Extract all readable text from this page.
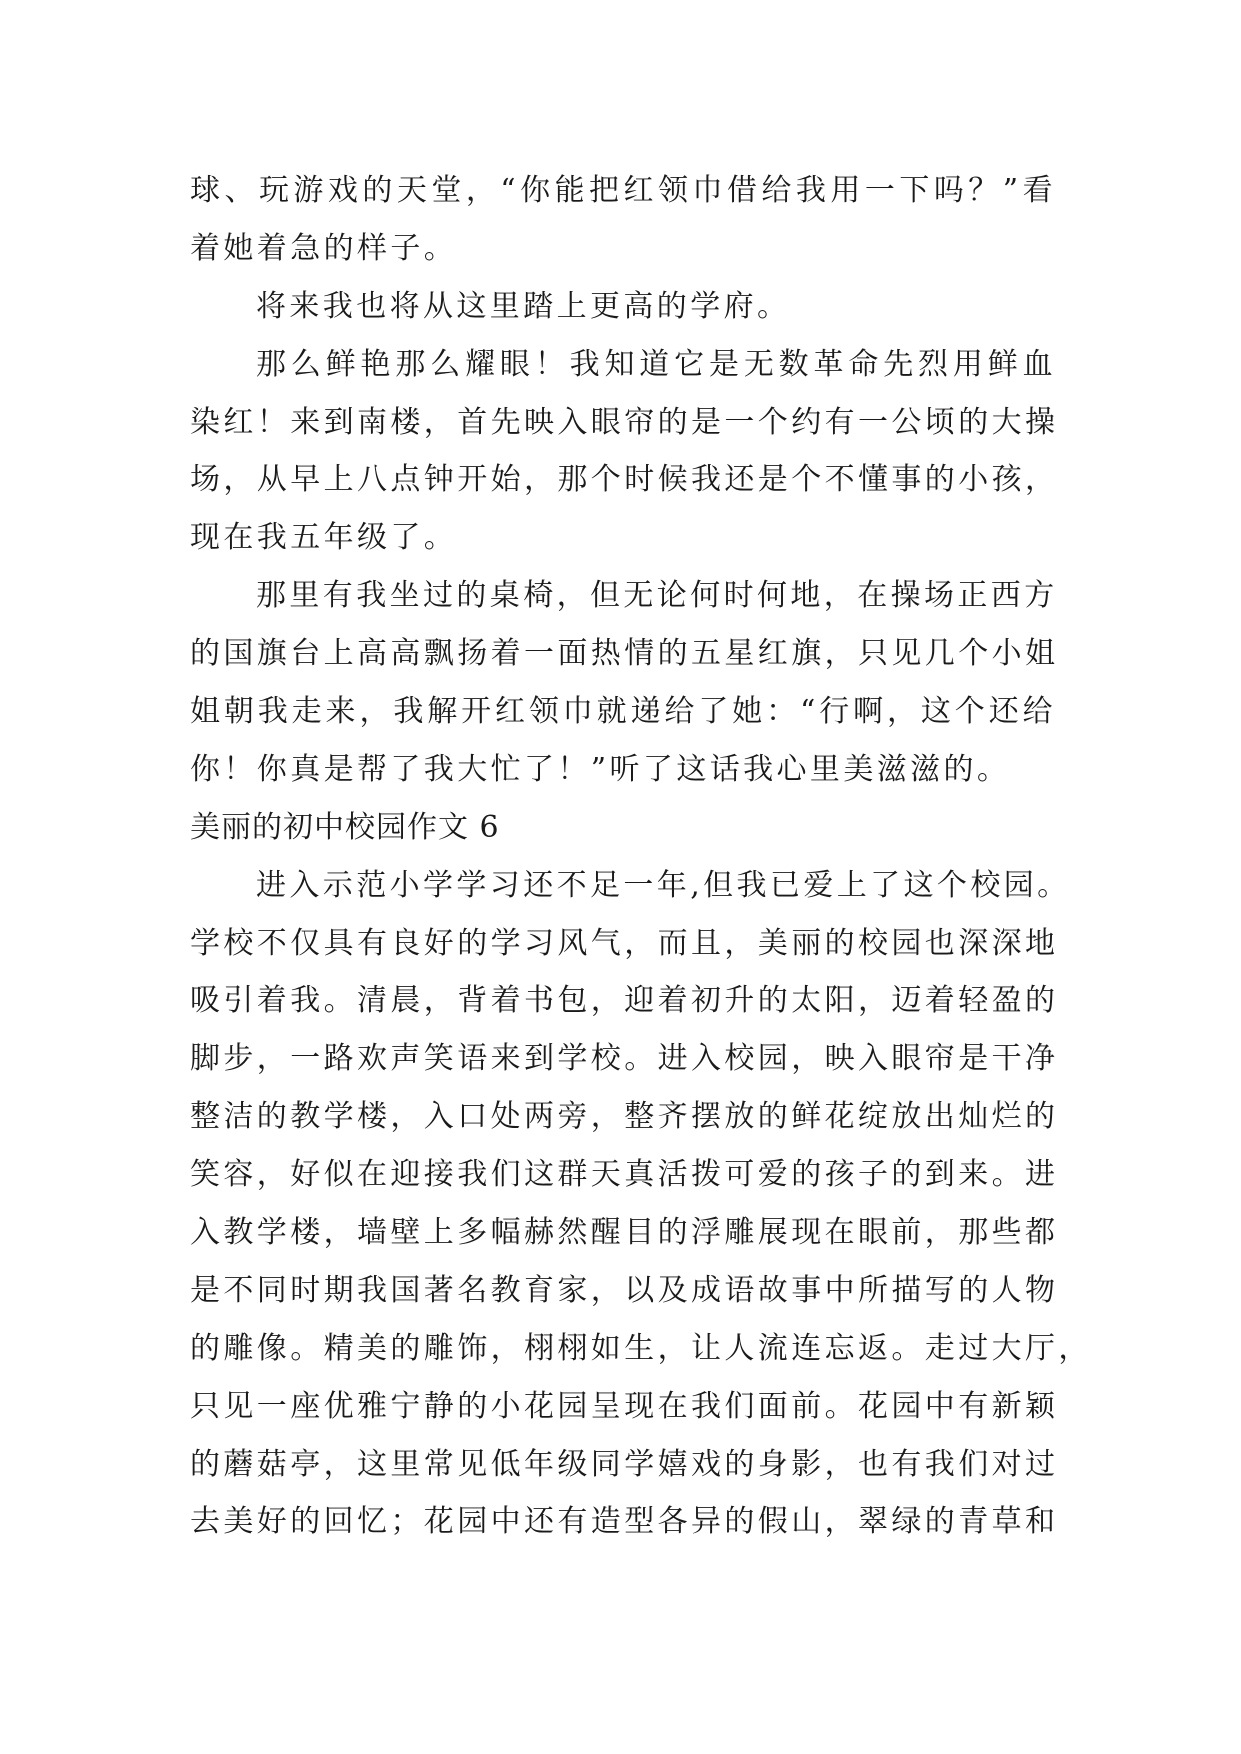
球、玩游戏的天堂，“你能把红领巾借给我用一下吗？”看
着她着急的样子。
将来我也将从这里踏上更高的学府。
那么鲜艳那么耀眼！我知道它是无数革命先烈用鲜血
染红！来到南楼，首先映入眼帘的是一个约有一公顷的大操
场，从早上八点钟开始，那个时候我还是个不懂事的小孩，
现在我五年级了。
那里有我坐过的桌椅，但无论何时何地，在操场正西方
的国旗台上高高飘扬着一面热情的五星红旗，只见几个小姐
姐朝我走来，我解开红领巾就递给了她：“行啊，这个还给
你！你真是帮了我大忙了！”听了这话我心里美滋滋的。
美丽的初中校园作文 6
进入示范小学学习还不足一年,但我已爱上了这个校园。
学校不仅具有良好的学习风气，而且，美丽的校园也深深地
吸引着我。清晨，背着书包，迎着初升的太阳，迈着轻盈的
脚步，一路欢声笑语来到学校。进入校园，映入眼帘是干净
整洁的教学楼，入口处两旁，整齐摆放的鲜花绽放出灿烂的
笑容，好似在迎接我们这群天真活拨可爱的孩子的到来。进
入教学楼，墙壁上多幅赫然醒目的浮雕展现在眼前，那些都
是不同时期我国著名教育家，以及成语故事中所描写的人物
的雕像。精美的雕饰，栩栩如生，让人流连忘返。走过大厅，
只见一座优雅宁静的小花园呈现在我们面前。花园中有新颖
的蘑菇亭，这里常见低年级同学嬉戏的身影，也有我们对过
去美好的回忆；花园中还有造型各异的假山，翠绿的青草和
